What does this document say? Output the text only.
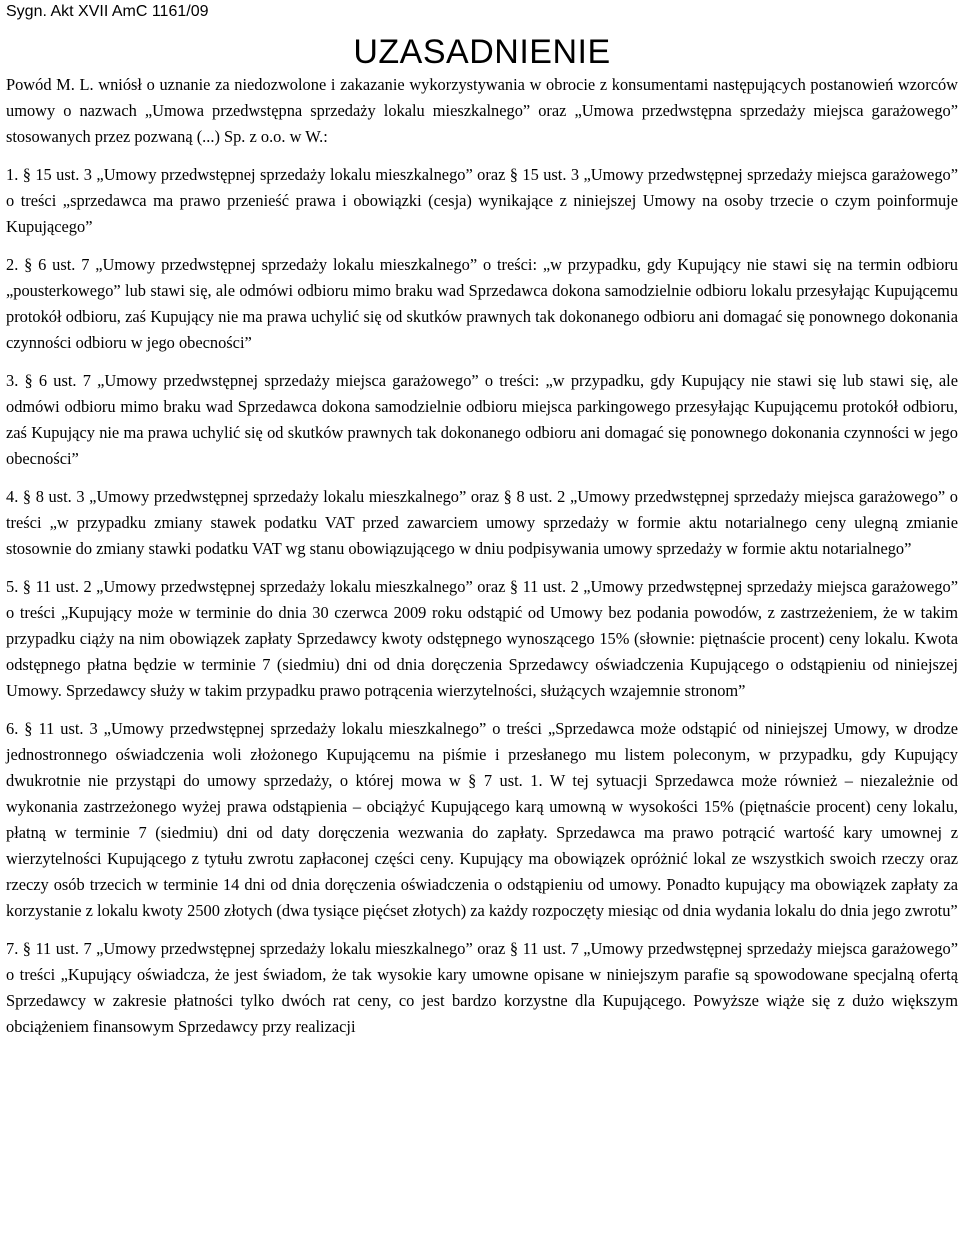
Sygn. Akt XVII AmC 1161/09
UZASADNIENIE

Powód M. L. wniósł o uznanie za niedozwolone i zakazanie wykorzystywania w obrocie z konsumentami następujących postanowień wzorców umowy o nazwach „Umowa przedwstępna sprzedaży lokalu mieszkalnego” oraz „Umowa przedwstępna sprzedaży miejsca garażowego” stosowanych przez pozwaną (...) Sp. z o.o. w W.:

1. § 15 ust. 3 „Umowy przedwstępnej sprzedaży lokalu mieszkalnego” oraz § 15 ust. 3 „Umowy przedwstępnej sprzedaży miejsca garażowego” o treści „sprzedawca ma prawo przenieść prawa i obowiązki (cesja) wynikające z niniejszej Umowy na osoby trzecie o czym poinformuje Kupującego”

2. § 6 ust. 7 „Umowy przedwstępnej sprzedaży lokalu mieszkalnego” o treści: „w przypadku, gdy Kupujący nie stawi się na termin odbioru „pousterkowego” lub stawi się, ale odmówi odbioru mimo braku wad Sprzedawca dokona samodzielnie odbioru lokalu przesyłając Kupującemu protokół odbioru, zaś Kupujący nie ma prawa uchylić się od skutków prawnych tak dokonanego odbioru ani domagać się ponownego dokonania czynności odbioru w jego obecności”

3. § 6 ust. 7 „Umowy przedwstępnej sprzedaży miejsca garażowego” o treści: „w przypadku, gdy Kupujący nie stawi się lub stawi się, ale odmówi odbioru mimo braku wad Sprzedawca dokona samodzielnie odbioru miejsca parkingowego przesyłając Kupującemu protokół odbioru, zaś Kupujący nie ma prawa uchylić się od skutków prawnych tak dokonanego odbioru ani domagać się ponownego dokonania czynności w jego obecności”

4. § 8 ust. 3 „Umowy przedwstępnej sprzedaży lokalu mieszkalnego” oraz § 8 ust. 2 „Umowy przedwstępnej sprzedaży miejsca garażowego” o treści „w przypadku zmiany stawek podatku VAT przed zawarciem umowy sprzedaży w formie aktu notarialnego ceny ulegną zmianie stosownie do zmiany stawki podatku VAT wg stanu obowiązującego w dniu podpisywania umowy sprzedaży w formie aktu notarialnego”

5. § 11 ust. 2 „Umowy przedwstępnej sprzedaży lokalu mieszkalnego” oraz § 11 ust. 2 „Umowy przedwstępnej sprzedaży miejsca garażowego” o treści „Kupujący może w terminie do dnia 30 czerwca 2009 roku odstąpić od Umowy bez podania powodów, z zastrzeżeniem, że w takim przypadku ciąży na nim obowiązek zapłaty Sprzedawcy kwoty odstępnego wynoszącego 15% (słownie: piętnaście procent) ceny lokalu. Kwota odstępnego płatna będzie w terminie 7 (siedmiu) dni od dnia doręczenia Sprzedawcy oświadczenia Kupującego o odstąpieniu od niniejszej Umowy. Sprzedawcy służy w takim przypadku prawo potrącenia wierzytelności, służących wzajemnie stronom”

6. § 11 ust. 3 „Umowy przedwstępnej sprzedaży lokalu mieszkalnego” o treści „Sprzedawca może odstąpić od niniejszej Umowy, w drodze jednostronnego oświadczenia woli złożonego Kupującemu na piśmie i przesłanego mu listem poleconym, w przypadku, gdy Kupujący dwukrotnie nie przystąpi do umowy sprzedaży, o której mowa w § 7 ust. 1. W tej sytuacji Sprzedawca może również – niezależnie od wykonania zastrzeżonego wyżej prawa odstąpienia – obciążyć Kupującego karą umowną w wysokości 15% (piętnaście procent) ceny lokalu, płatną w terminie 7 (siedmiu) dni od daty doręczenia wezwania do zapłaty. Sprzedawca ma prawo potrącić wartość kary umownej z wierzytelności Kupującego z tytułu zwrotu zapłaconej części ceny. Kupujący ma obowiązek opróżnić lokal ze wszystkich swoich rzeczy oraz rzeczy osób trzecich w terminie 14 dni od dnia doręczenia oświadczenia o odstąpieniu od umowy. Ponadto kupujący ma obowiązek zapłaty za korzystanie z lokalu kwoty 2500 złotych (dwa tysiące pięćset złotych) za każdy rozpoczęty miesiąc od dnia wydania lokalu do dnia jego zwrotu”

7. § 11 ust. 7 „Umowy przedwstępnej sprzedaży lokalu mieszkalnego” oraz § 11 ust. 7 „Umowy przedwstępnej sprzedaży miejsca garażowego” o treści „Kupujący oświadcza, że jest świadom, że tak wysokie kary umowne opisane w niniejszym parafie są spowodowane specjalną ofertą Sprzedawcy w zakresie płatności tylko dwóch rat ceny, co jest bardzo korzystne dla Kupującego. Powyższe wiąże się z dużo większym obciążeniem finansowym Sprzedawcy przy realizacji
